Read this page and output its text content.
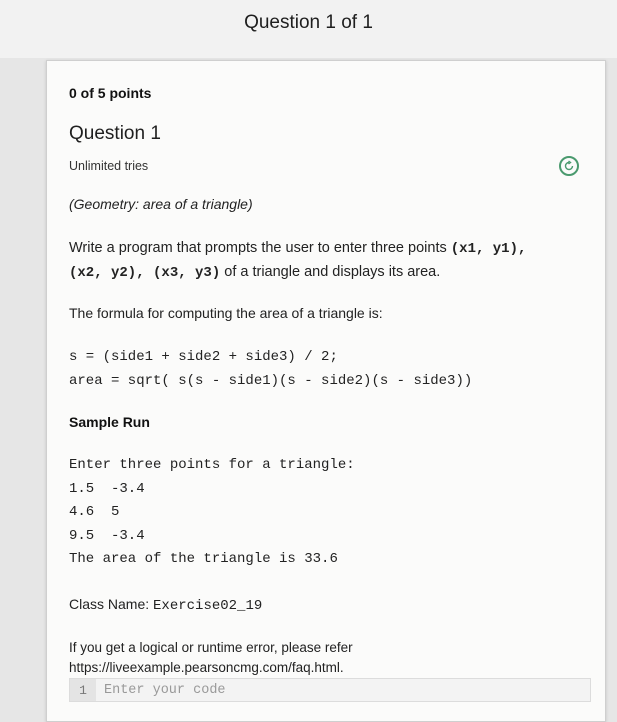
Question 1 of 1
0 of 5 points
Question 1
Unlimited tries
(Geometry: area of a triangle)
Write a program that prompts the user to enter three points (x1, y1),
(x2, y2), (x3, y3) of a triangle and displays its area.
The formula for computing the area of a triangle is:
s = (side1 + side2 + side3) / 2;
area = sqrt( s(s - side1)(s - side2)(s - side3))
Sample Run
Enter three points for a triangle:
1.5  -3.4
4.6  5
9.5  -3.4
The area of the triangle is 33.6
Class Name: Exercise02_19
If you get a logical or runtime error, please refer
https://liveexample.pearsoncmg.com/faq.html.
1
Enter your code
